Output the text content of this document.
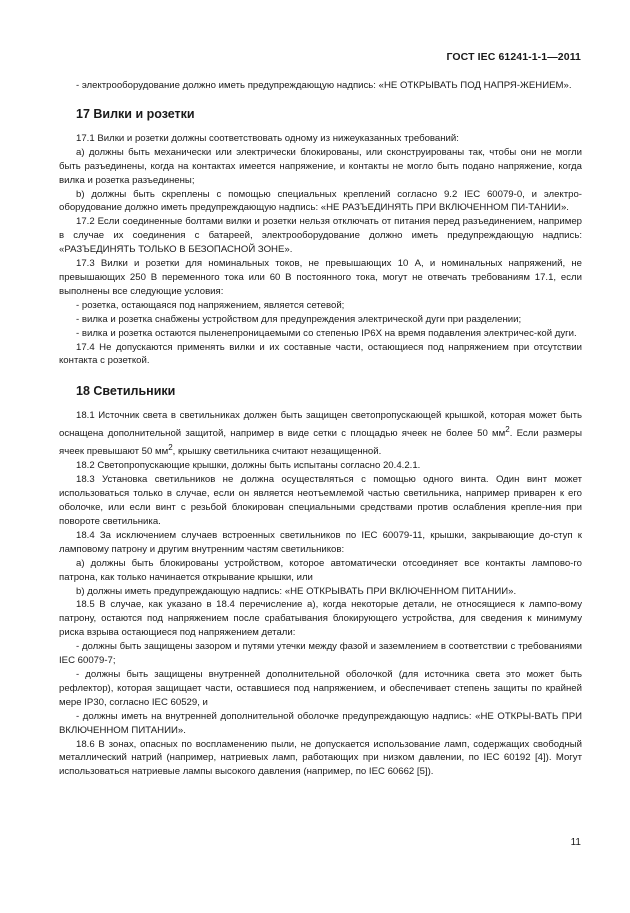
ГОСТ IEC 61241-1-1—2011

- электрооборудование должно иметь предупреждающую надпись: «НЕ ОТКРЫВАТЬ ПОД НАПРЯ-ЖЕНИЕМ».

17 Вилки и розетки

17.1 Вилки и розетки должны соответствовать одному из нижеуказанных требований:

а) должны быть механически или электрически блокированы, или сконструированы так, чтобы они не могли быть разъединены, когда на контактах имеется напряжение, и контакты не могло быть подано напряжение, когда вилка и розетка разъединены;

b) должны быть скреплены с помощью специальных креплений согласно 9.2 IEC 60079-0, и электро-оборудование должно иметь предупреждающую надпись: «НЕ РАЗЪЕДИНЯТЬ ПРИ ВКЛЮЧЕННОМ ПИ-ТАНИИ».

17.2 Если соединенные болтами вилки и розетки нельзя отключать от питания перед разъединением, например в случае их соединения с батареей, электрооборудование должно иметь предупреждающую надпись: «РАЗЪЕДИНЯТЬ ТОЛЬКО В БЕЗОПАСНОЙ ЗОНЕ».

17.3 Вилки и розетки для номинальных токов, не превышающих 10 А, и номинальных напряжений, не превышающих 250 В переменного тока или 60 В постоянного тока, могут не отвечать требованиям 17.1, если выполнены все следующие условия:

- розетка, остающаяся под напряжением, является сетевой;

- вилка и розетка снабжены устройством для предупреждения электрической дуги при разделении;

- вилка и розетка остаются пыленепроницаемыми со степенью IP6X на время подавления электричес-кой дуги.

17.4 Не допускаются применять вилки и их составные части, остающиеся под напряжением при отсутствии контакта с розеткой.

18 Светильники

18.1 Источник света в светильниках должен быть защищен светопропускающей крышкой, которая может быть оснащена дополнительной защитой, например в виде сетки с площадью ячеек не более 50 $мм^2$. Если размеры ячеек превышают 50 $мм^2$, крышку светильника считают незащищенной.

18.2 Светопропускающие крышки, должны быть испытаны согласно 20.4.2.1.

18.3 Установка светильников не должна осуществляться с помощью одного винта. Один винт может использоваться только в случае, если он является неотъемлемой частью светильника, например приварен к его оболочке, или если винт с резьбой блокирован специальными средствами против ослабления крепле-ния при повороте светильника.

18.4 За исключением случаев встроенных светильников по IEC 60079-11, крышки, закрывающие до-ступ к ламповому патрону и другим внутренним частям светильников:

а) должны быть блокированы устройством, которое автоматически отсоединяет все контакты лампово-го патрона, как только начинается открывание крышки, или

b) должны иметь предупреждающую надпись: «НЕ ОТКРЫВАТЬ ПРИ ВКЛЮЧЕННОМ ПИТАНИИ».

18.5 В случае, как указано в 18.4 перечисление а), когда некоторые детали, не относящиеся к лампо-вому патрону, остаются под напряжением после срабатывания блокирующего устройства, для сведения к минимуму риска взрыва остающиеся под напряжением детали:

- должны быть защищены зазором и путями утечки между фазой и заземлением в соответствии с требованиями IEC 60079-7;

- должны быть защищены внутренней дополнительной оболочкой (для источника света это может быть рефлектор), которая защищает части, оставшиеся под напряжением, и обеспечивает степень защиты по крайней мере IP30, согласно IEC 60529, и

- должны иметь на внутренней дополнительной оболочке предупреждающую надпись: «НЕ ОТКРЫ-ВАТЬ ПРИ ВКЛЮЧЕННОМ ПИТАНИИ».

18.6 В зонах, опасных по воспламенению пыли, не допускается использование ламп, содержащих свободный металлический натрий (например, натриевых ламп, работающих при низком давлении, по IEC 60192 [4]). Могут использоваться натриевые лампы высокого давления (например, по IEC 60662 [5]).

11
